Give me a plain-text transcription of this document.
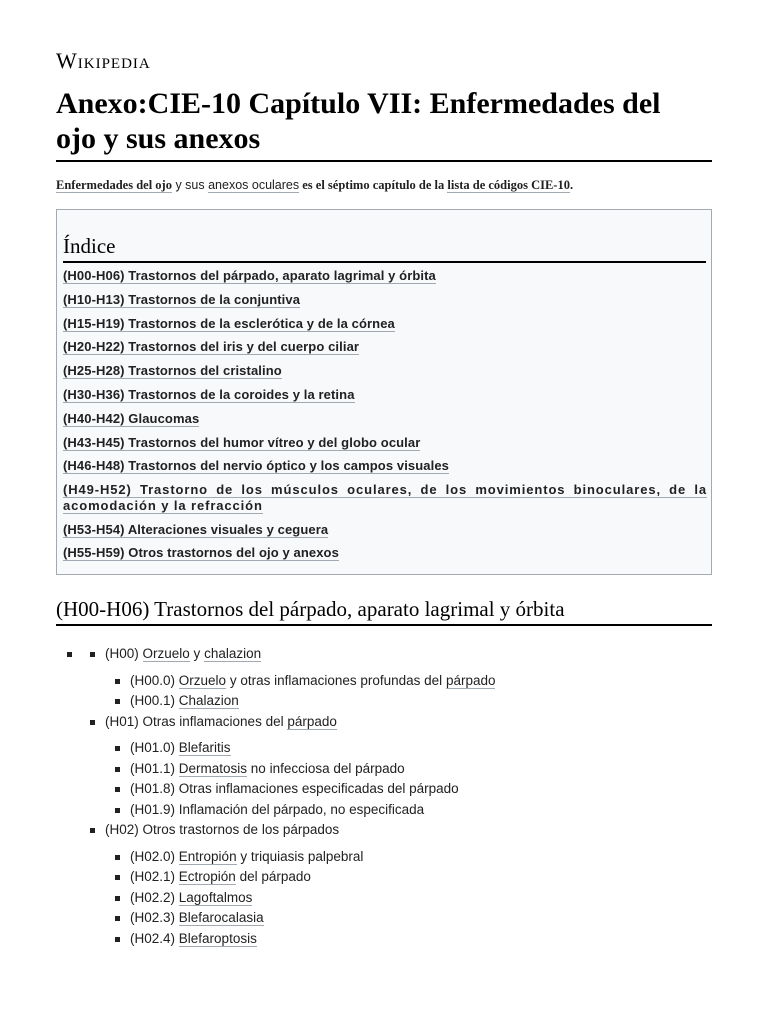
Wikipedia
Anexo:CIE-10 Capítulo VII: Enfermedades del
ojo y sus anexos
Enfermedades del ojo y sus anexos oculares es el séptimo capítulo de la lista de códigos CIE-10.
Índice
(H00-H06) Trastornos del párpado, aparato lagrimal y órbita
(H10-H13) Trastornos de la conjuntiva
(H15-H19) Trastornos de la esclerótica y de la córnea
(H20-H22) Trastornos del iris y del cuerpo ciliar
(H25-H28) Trastornos del cristalino
(H30-H36) Trastornos de la coroides y la retina
(H40-H42) Glaucomas
(H43-H45) Trastornos del humor vítreo y del globo ocular
(H46-H48) Trastornos del nervio óptico y los campos visuales
(H49-H52) Trastorno de los músculos oculares, de los movimientos binoculares, de la acomodación y la refracción
(H53-H54) Alteraciones visuales y ceguera
(H55-H59) Otros trastornos del ojo y anexos
(H00-H06) Trastornos del párpado, aparato lagrimal y órbita
(H00) Orzuelo y chalazion
(H00.0) Orzuelo y otras inflamaciones profundas del párpado
(H00.1) Chalazion
(H01) Otras inflamaciones del párpado
(H01.0) Blefaritis
(H01.1) Dermatosis no infecciosa del párpado
(H01.8) Otras inflamaciones especificadas del párpado
(H01.9) Inflamación del párpado, no especificada
(H02) Otros trastornos de los párpados
(H02.0) Entropión y triquiasis palpebral
(H02.1) Ectropión del párpado
(H02.2) Lagoftalmos
(H02.3) Blefarocalasia
(H02.4) Blefaroptosis
